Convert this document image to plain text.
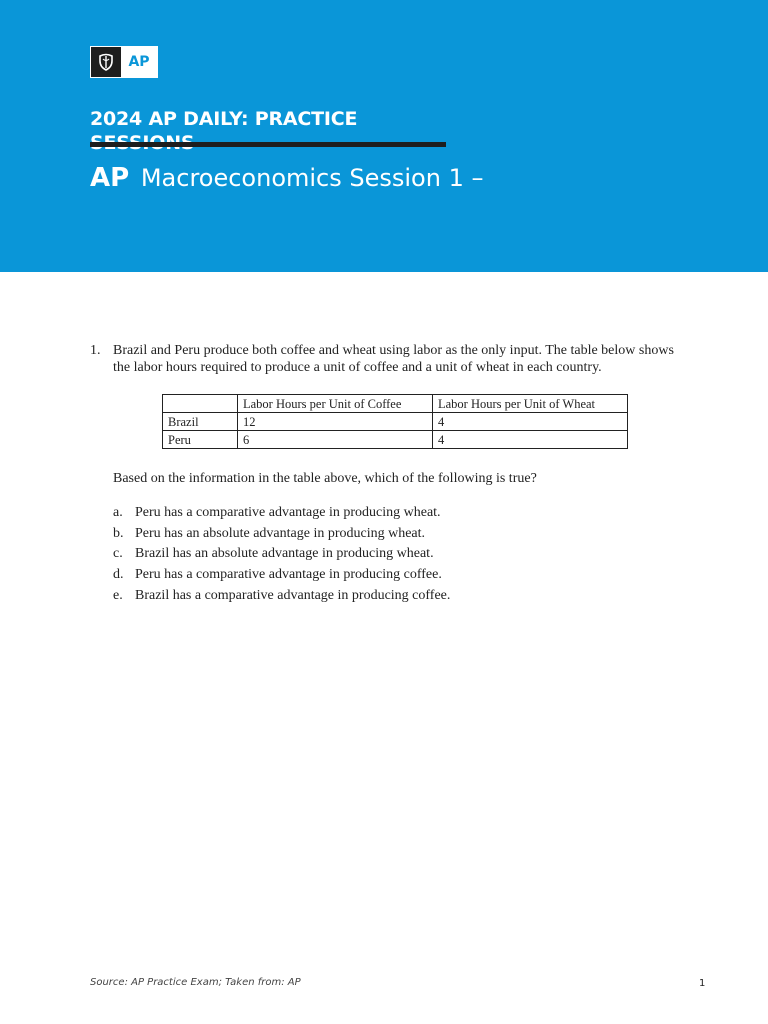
AP
2024 AP DAILY: PRACTICE
AP Macroeconomics Session 1 –
1. Brazil and Peru produce both coffee and wheat using labor as the only input. The table below shows the labor hours required to produce a unit of coffee and a unit of wheat in each country.
	Labor Hours per Unit of Coffee	Labor Hours per Unit of Wheat
Brazil	12	4
Peru	6	4
Based on the information in the table above, which of the following is true?
a. Peru has a comparative advantage in producing wheat.
b. Peru has an absolute advantage in producing wheat.
c. Brazil has an absolute advantage in producing wheat.
d. Peru has a comparative advantage in producing coffee.
e. Brazil has a comparative advantage in producing coffee.
Source: AP Practice Exam; Taken from: AP	1
